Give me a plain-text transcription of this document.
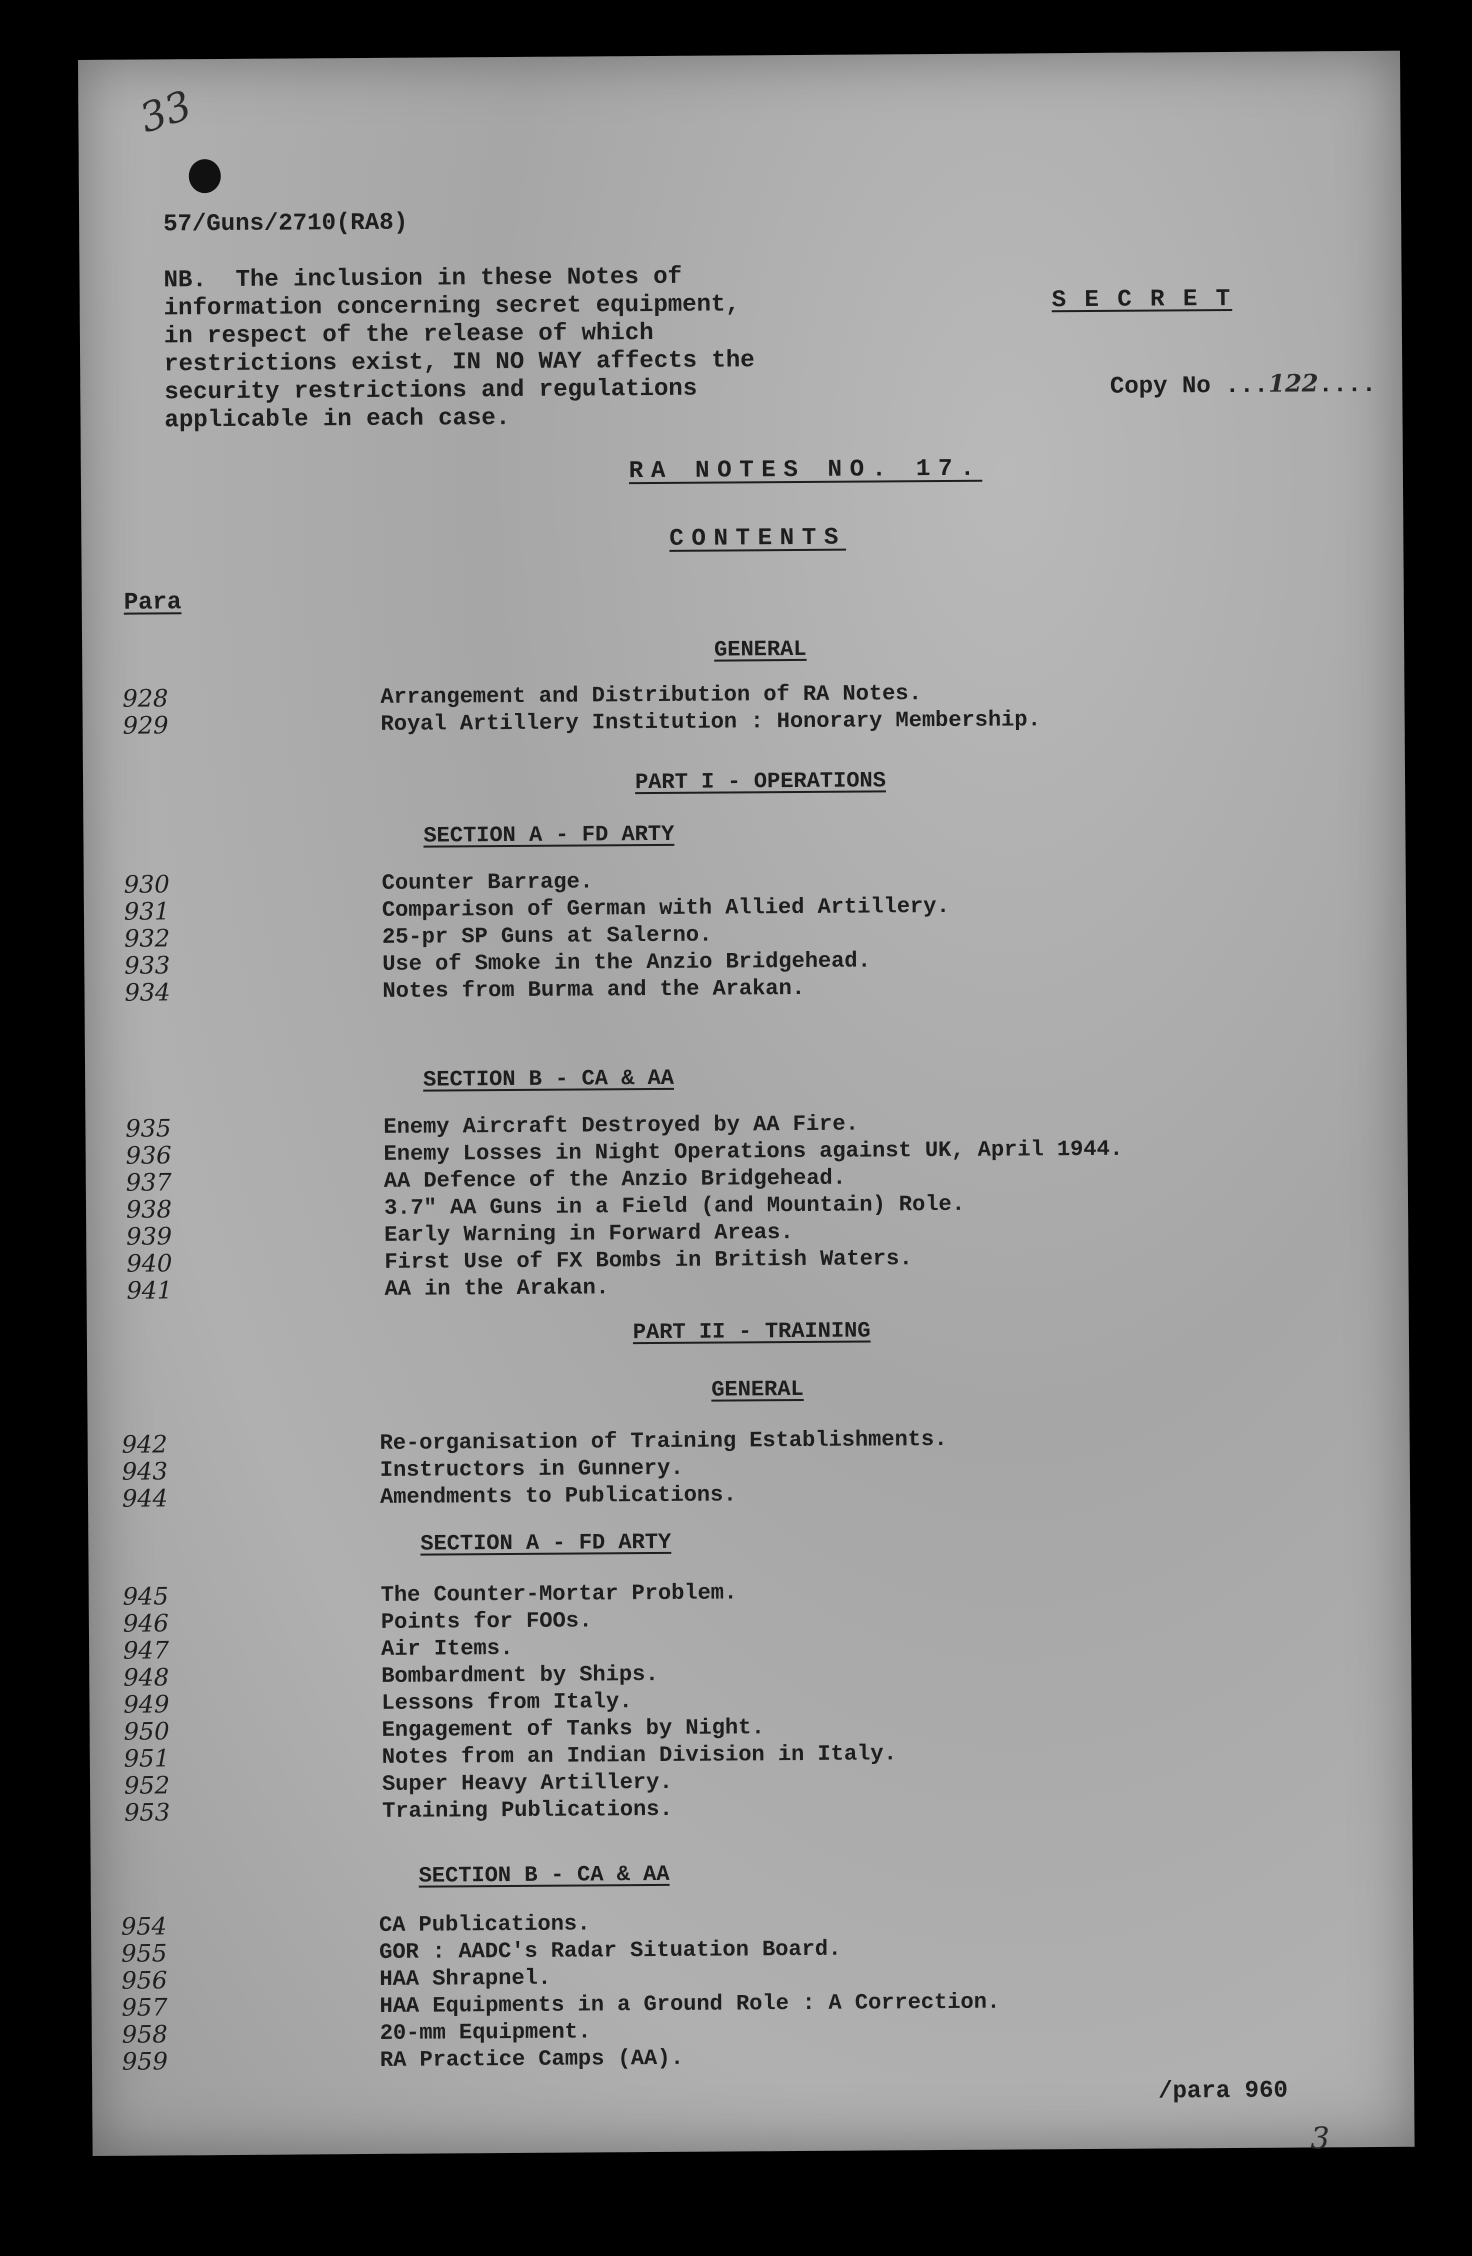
33
57/Guns/2710(RA8)
NB.  The inclusion in these Notes of
information concerning secret equipment,
in respect of the release of which
restrictions exist, IN NO WAY affects the
security restrictions and regulations
applicable in each case.
S E C R E T

Copy No ...122....

RA NOTES NO. 17.
CONTENTS
Para
GENERAL
928	Arrangement and Distribution of RA Notes.
929	Royal Artillery Institution : Honorary Membership.
PART I - OPERATIONS
SECTION A - FD ARTY
930	Counter Barrage.
931	Comparison of German with Allied Artillery.
932	25-pr SP Guns at Salerno.
933	Use of Smoke in the Anzio Bridgehead.
934	Notes from Burma and the Arakan.
SECTION B - CA & AA
935	Enemy Aircraft Destroyed by AA Fire.
936	Enemy Losses in Night Operations against UK, April 1944.
937	AA Defence of the Anzio Bridgehead.
938	3.7" AA Guns in a Field (and Mountain) Role.
939	Early Warning in Forward Areas.
940	First Use of FX Bombs in British Waters.
941	AA in the Arakan.
PART II - TRAINING
GENERAL
942	Re-organisation of Training Establishments.
943	Instructors in Gunnery.
944	Amendments to Publications.
SECTION A - FD ARTY
945	The Counter-Mortar Problem.
946	Points for FOOs.
947	Air Items.
948	Bombardment by Ships.
949	Lessons from Italy.
950	Engagement of Tanks by Night.
951	Notes from an Indian Division in Italy.
952	Super Heavy Artillery.
953	Training Publications.
SECTION B - CA & AA
954	CA Publications.
955	GOR : AADC's Radar Situation Board.
956	HAA Shrapnel.
957	HAA Equipments in a Ground Role : A Correction.
958	20-mm Equipment.
959	RA Practice Camps (AA).
/para 960
3
